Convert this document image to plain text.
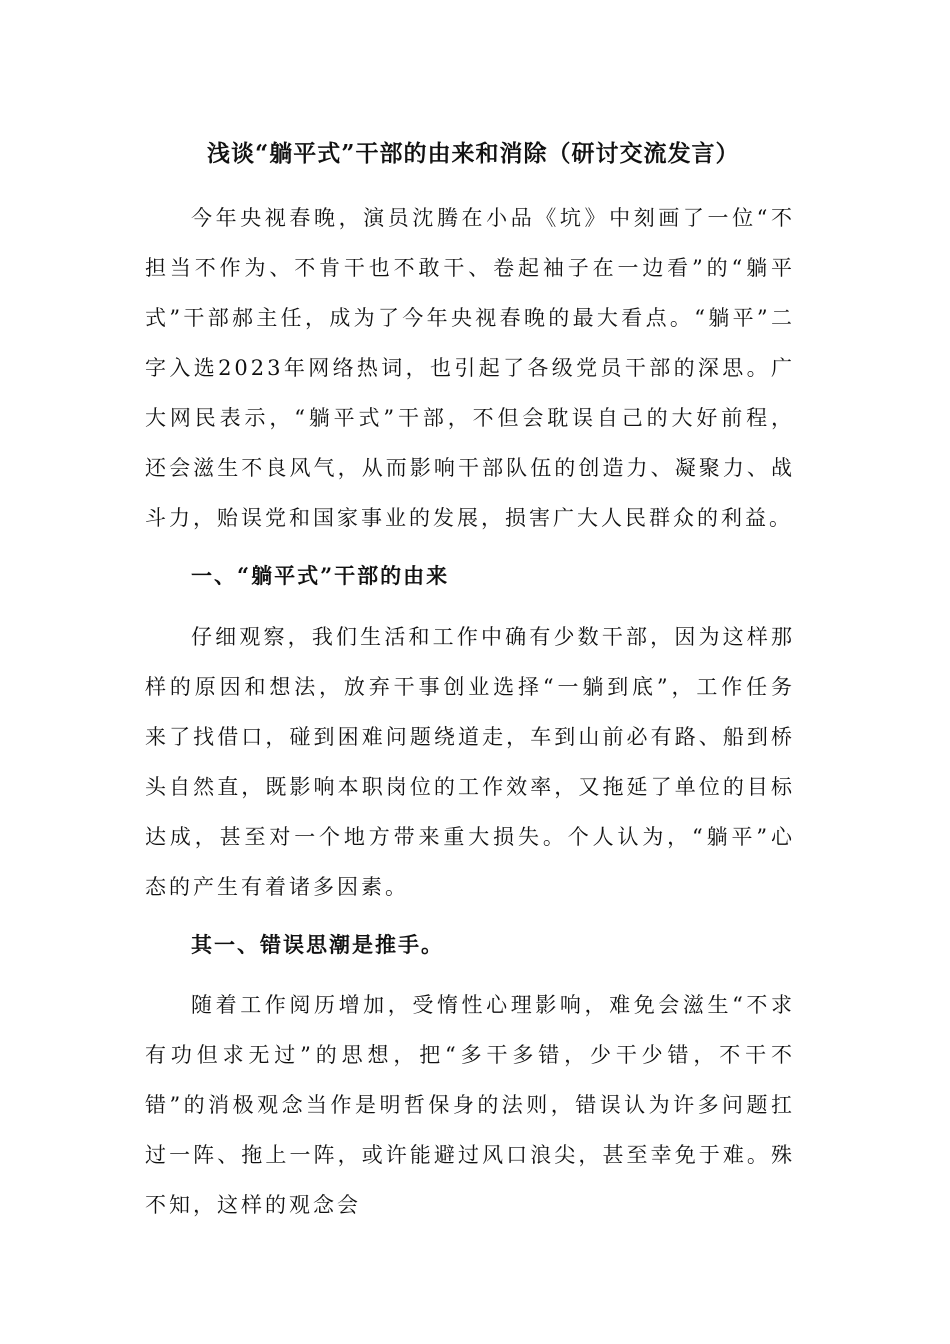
浅谈“躺平式”干部的由来和消除（研讨交流发言）

今年央视春晚，演员沈腾在小品《坑》中刻画了一位“不担当不作为、不肯干也不敢干、卷起袖子在一边看”的“躺平式”干部郝主任，成为了今年央视春晚的最大看点。“躺平”二字入选2023年网络热词，也引起了各级党员干部的深思。广大网民表示，“躺平式”干部，不但会耽误自己的大好前程，还会滋生不良风气，从而影响干部队伍的创造力、凝聚力、战斗力，贻误党和国家事业的发展，损害广大人民群众的利益。

一、“躺平式”干部的由来

仔细观察，我们生活和工作中确有少数干部，因为这样那样的原因和想法，放弃干事创业选择“一躺到底”，工作任务来了找借口，碰到困难问题绕道走，车到山前必有路、船到桥头自然直，既影响本职岗位的工作效率，又拖延了单位的目标达成，甚至对一个地方带来重大损失。个人认为，“躺平”心态的产生有着诸多因素。

其一、错误思潮是推手。

随着工作阅历增加，受惰性心理影响，难免会滋生“不求有功但求无过”的思想，把“多干多错，少干少错，不干不错”的消极观念当作是明哲保身的法则，错误认为许多问题扛过一阵、拖上一阵，或许能避过风口浪尖，甚至幸免于难。殊不知，这样的观念会
